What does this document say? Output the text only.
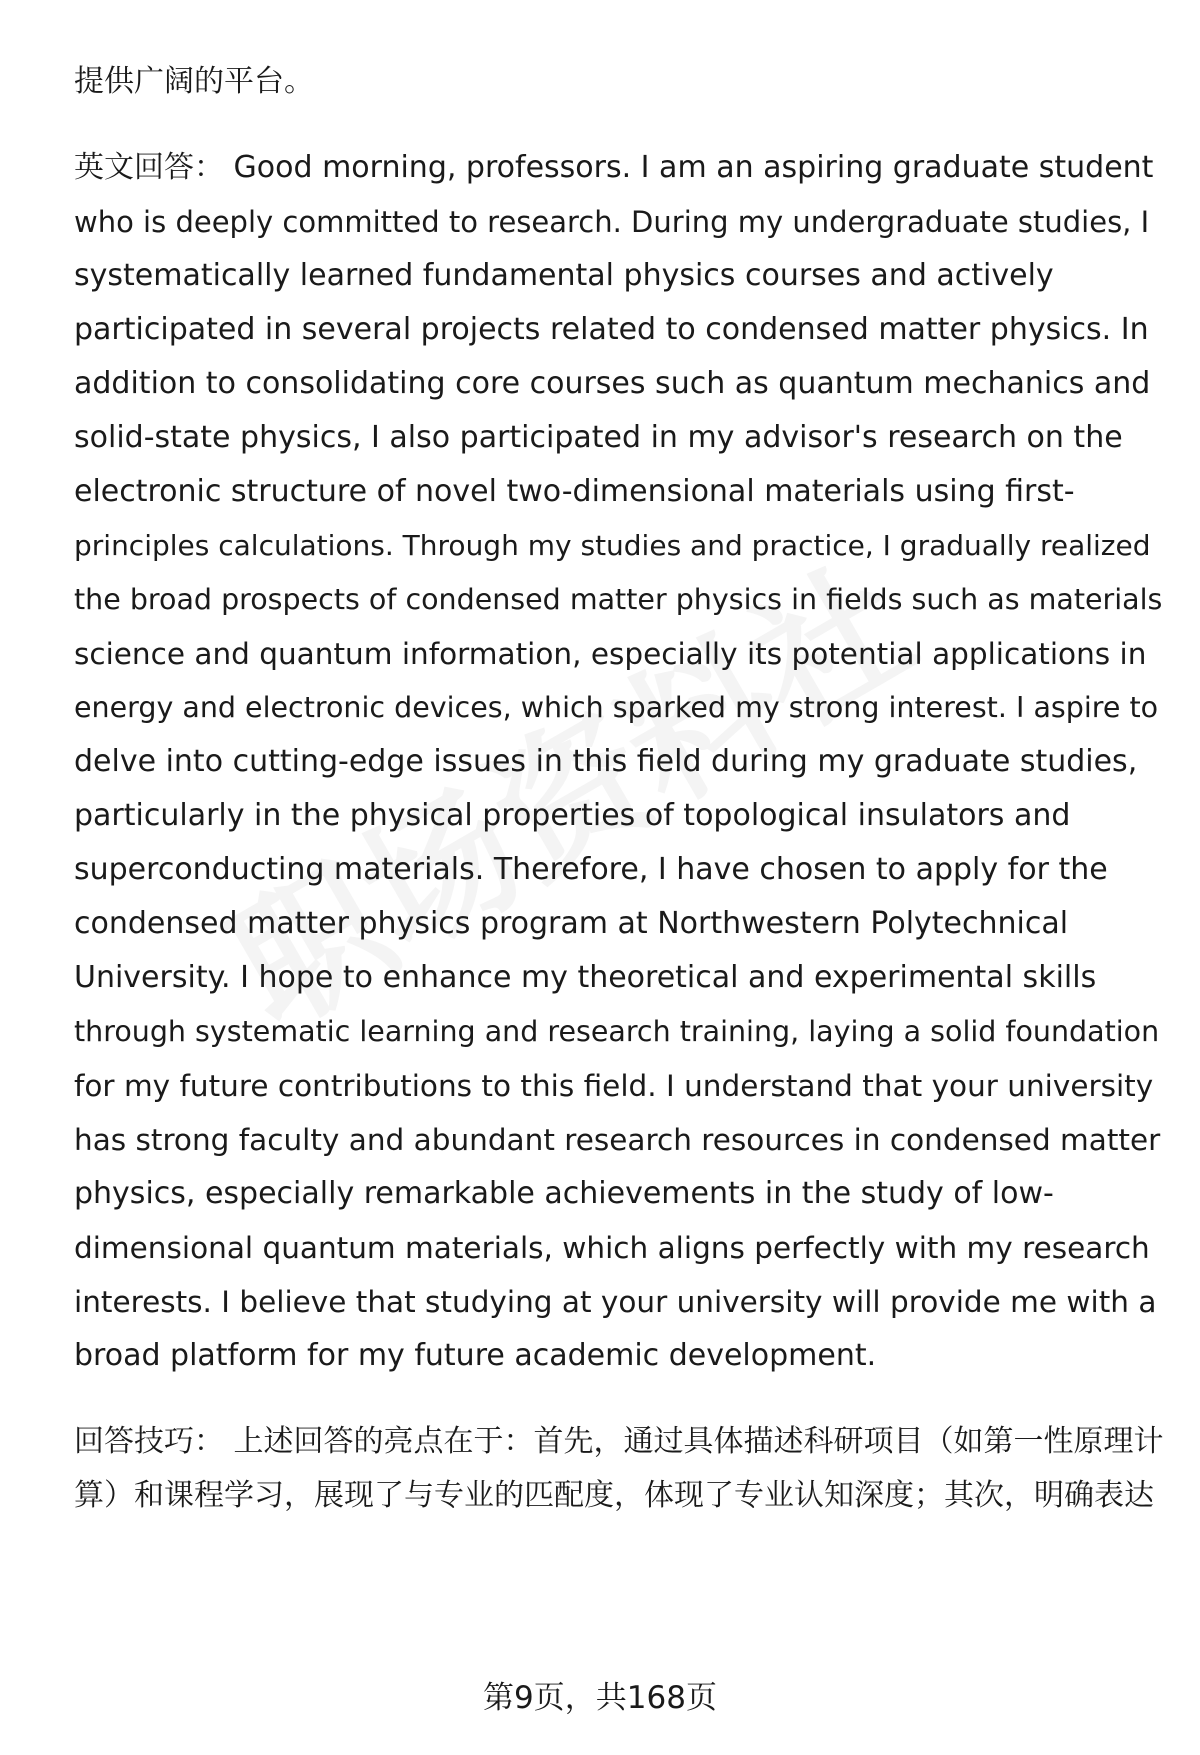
提供广阔的平台。
英文回答： Good morning, professors. I am an aspiring graduate student
who is deeply committed to research. During my undergraduate studies, I
systematically learned fundamental physics courses and actively
participated in several projects related to condensed matter physics. In
addition to consolidating core courses such as quantum mechanics and
solid-state physics, I also participated in my advisor's research on the
electronic structure of novel two-dimensional materials using first-
principles calculations. Through my studies and practice, I gradually realized
the broad prospects of condensed matter physics in fields such as materials
science and quantum information, especially its potential applications in
energy and electronic devices, which sparked my strong interest. I aspire to
delve into cutting-edge issues in this field during my graduate studies,
particularly in the physical properties of topological insulators and
superconducting materials. Therefore, I have chosen to apply for the
condensed matter physics program at Northwestern Polytechnical
University. I hope to enhance my theoretical and experimental skills
through systematic learning and research training, laying a solid foundation
for my future contributions to this field. I understand that your university
has strong faculty and abundant research resources in condensed matter
physics, especially remarkable achievements in the study of low-
dimensional quantum materials, which aligns perfectly with my research
interests. I believe that studying at your university will provide me with a
broad platform for my future academic development.
回答技巧： 上述回答的亮点在于：首先，通过具体描述科研项目（如第一性原理计
算）和课程学习，展现了与专业的匹配度，体现了专业认知深度；其次，明确表达
第9页，共168页
